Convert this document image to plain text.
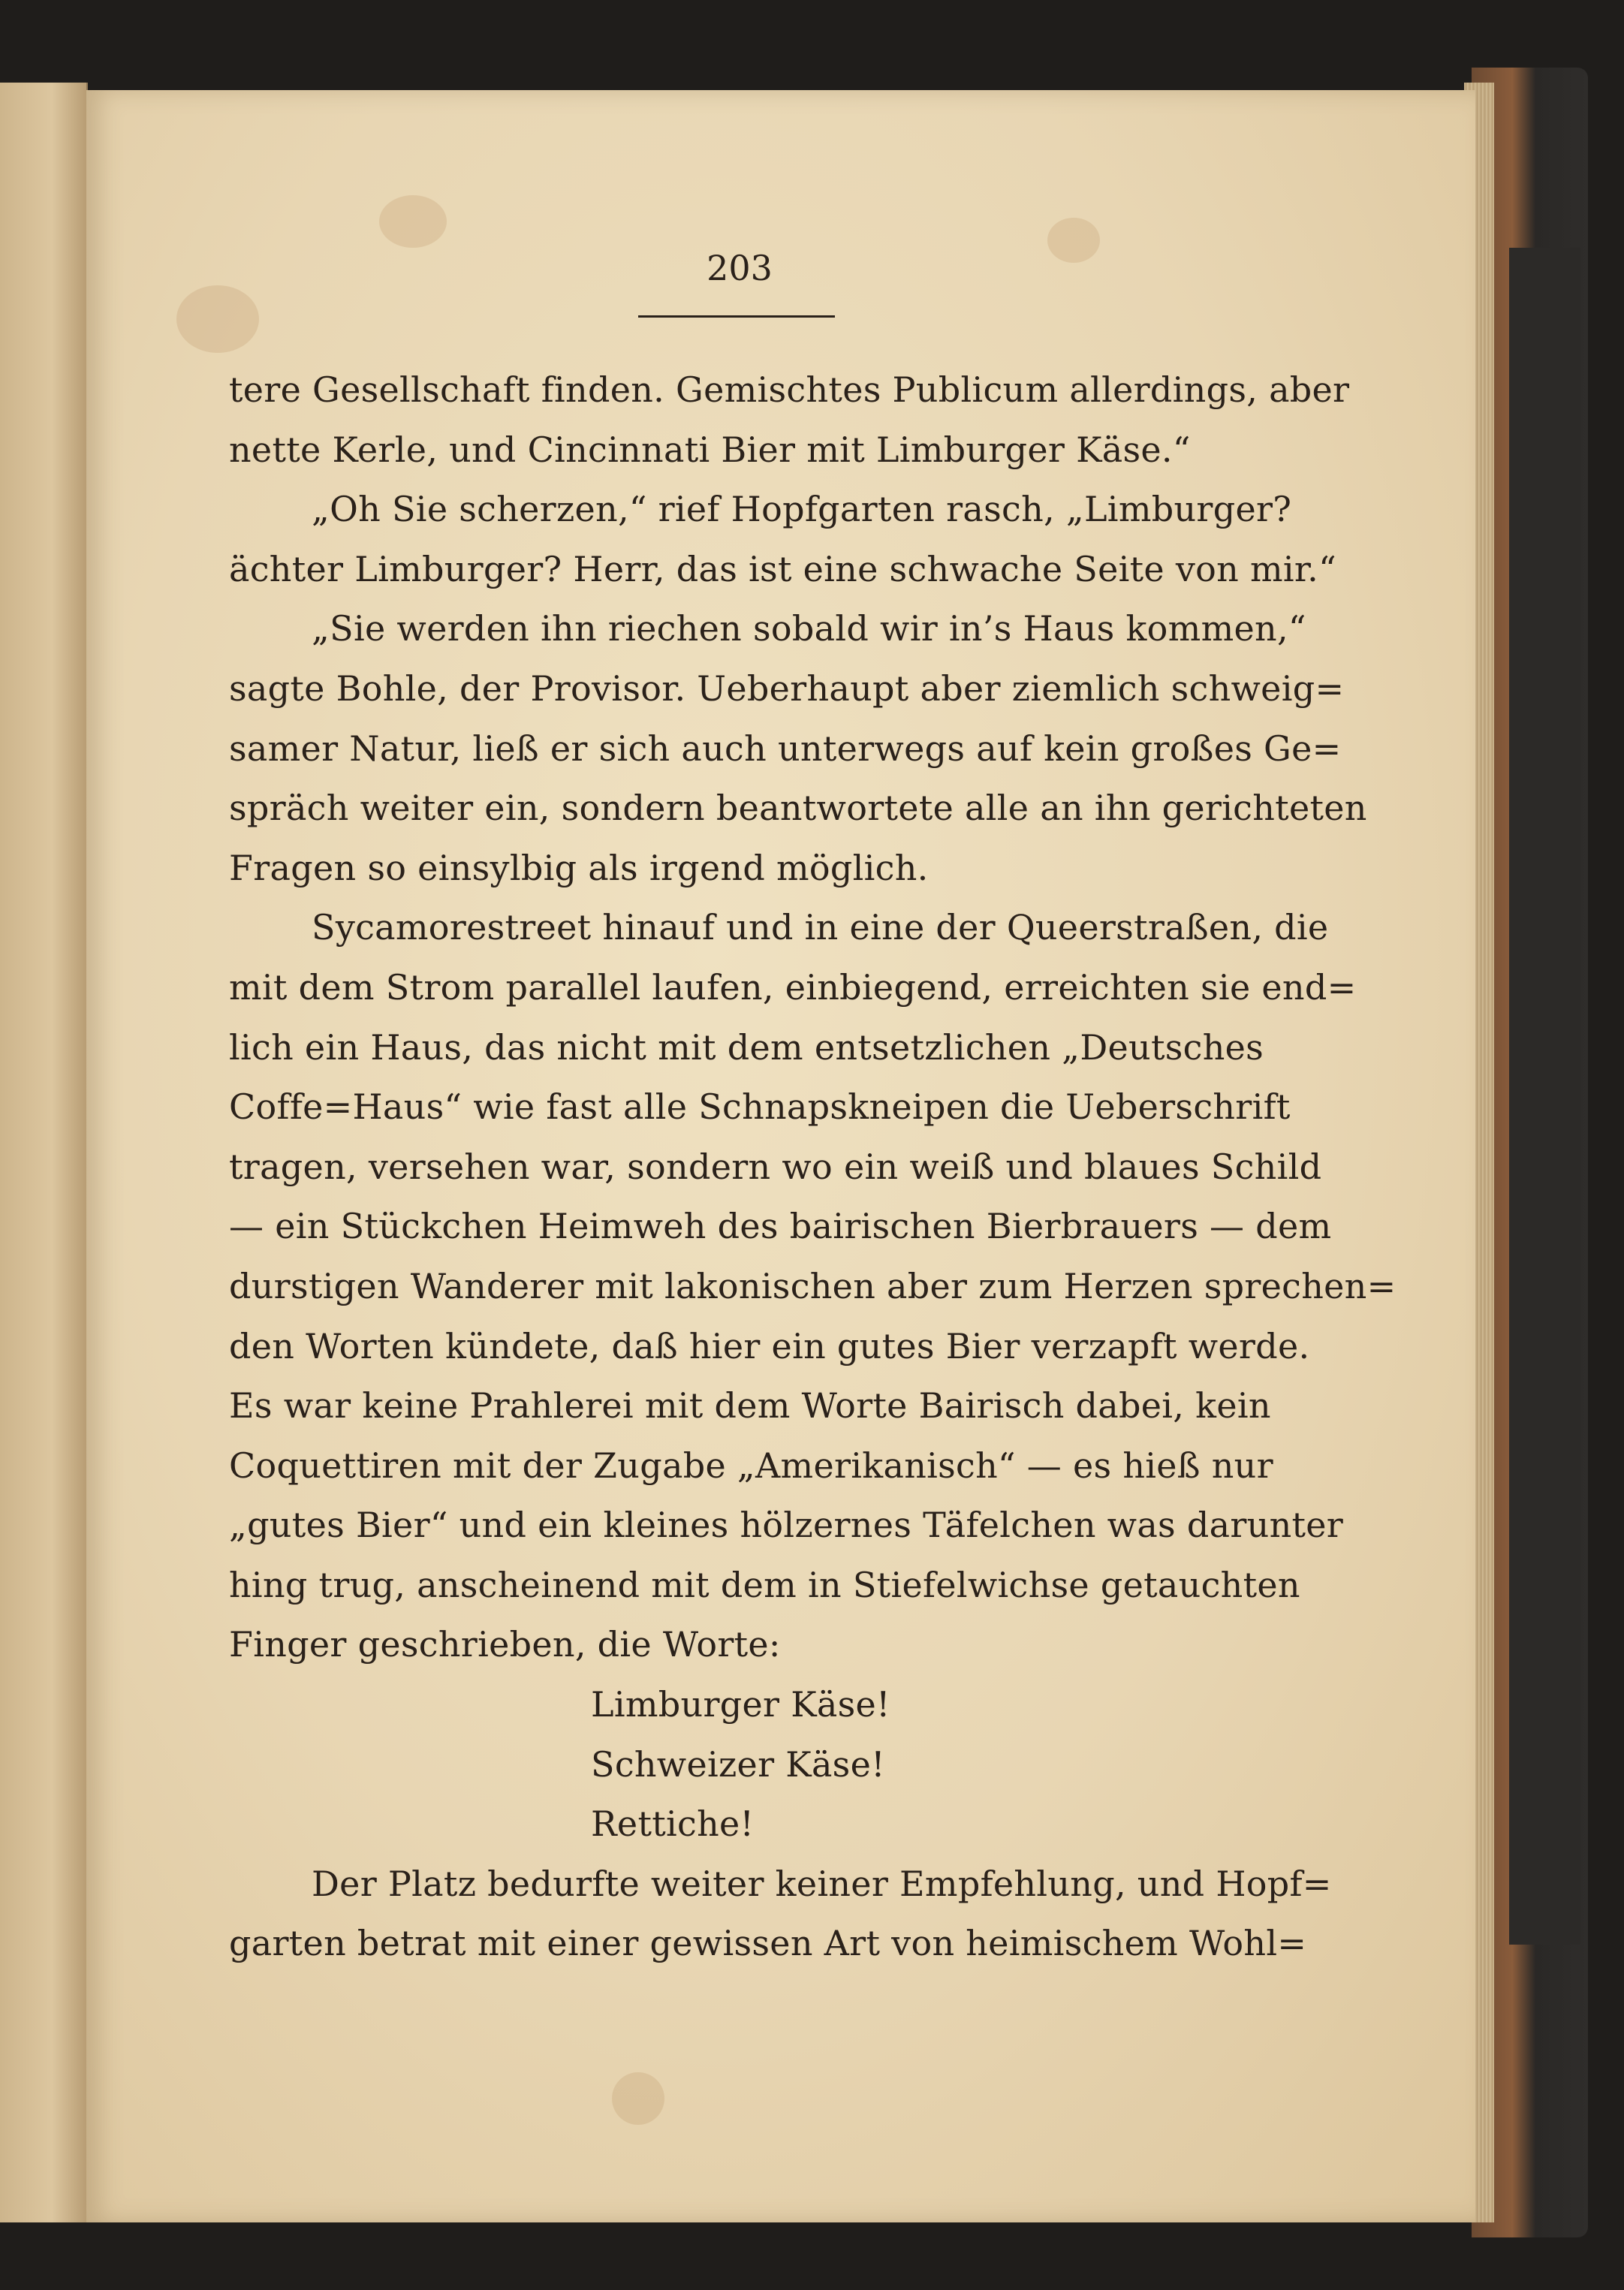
203
tere Gesellschaft finden. Gemischtes Publicum allerdings, aber
nette Kerle, und Cincinnati Bier mit Limburger Käse.“
„Oh Sie scherzen,“ rief Hopfgarten rasch, „Limburger?
ächter Limburger? Herr, das ist eine schwache Seite von mir.“
„Sie werden ihn riechen sobald wir in’s Haus kommen,“
sagte Bohle, der Provisor. Ueberhaupt aber ziemlich schweig=
samer Natur, ließ er sich auch unterwegs auf kein großes Ge=
spräch weiter ein, sondern beantwortete alle an ihn gerichteten
Fragen so einsylbig als irgend möglich.
Sycamorestreet hinauf und in eine der Queerstraßen, die
mit dem Strom parallel laufen, einbiegend, erreichten sie end=
lich ein Haus, das nicht mit dem entsetzlichen „Deutsches
Coffe=Haus“ wie fast alle Schnapskneipen die Ueberschrift
tragen, versehen war, sondern wo ein weiß und blaues Schild
— ein Stückchen Heimweh des bairischen Bierbrauers — dem
durstigen Wanderer mit lakonischen aber zum Herzen sprechen=
den Worten kündete, daß hier ein gutes Bier verzapft werde.
Es war keine Prahlerei mit dem Worte Bairisch dabei, kein
Coquettiren mit der Zugabe „Amerikanisch“ — es hieß nur
„gutes Bier“ und ein kleines hölzernes Täfelchen was darunter
hing trug, anscheinend mit dem in Stiefelwichse getauchten
Finger geschrieben, die Worte:
Limburger Käse!
Schweizer Käse!
Rettiche!
Der Platz bedurfte weiter keiner Empfehlung, und Hopf=
garten betrat mit einer gewissen Art von heimischem Wohl=
